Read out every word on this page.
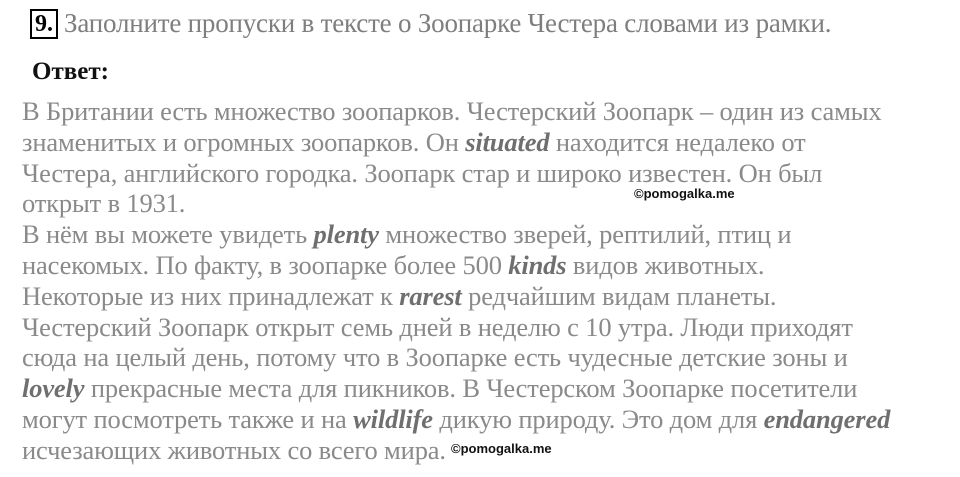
9. Заполните пропуски в тексте о Зоопарке Честера словами из рамки.
Ответ:
В Британии есть множество зоопарков. Честерский Зоопарк – один из самых
знаменитых и огромных зоопарков. Он situated находится недалеко от
Честера, английского городка. Зоопарк стар и широко известен. Он был
открыт в 1931.
В нём вы можете увидеть plenty множество зверей, рептилий, птиц и
насекомых. По факту, в зоопарке более 500 kinds видов животных.
Некоторые из них принадлежат к rarest редчайшим видам планеты.
Честерский Зоопарк открыт семь дней в неделю с 10 утра. Люди приходят
сюда на целый день, потому что в Зоопарке есть чудесные детские зоны и
lovely прекрасные места для пикников. В Честерском Зоопарке посетители
могут посмотреть также и на wildlife дикую природу. Это дом для endangered
исчезающих животных со всего мира.
©pomogalka.me
©pomogalka.me
